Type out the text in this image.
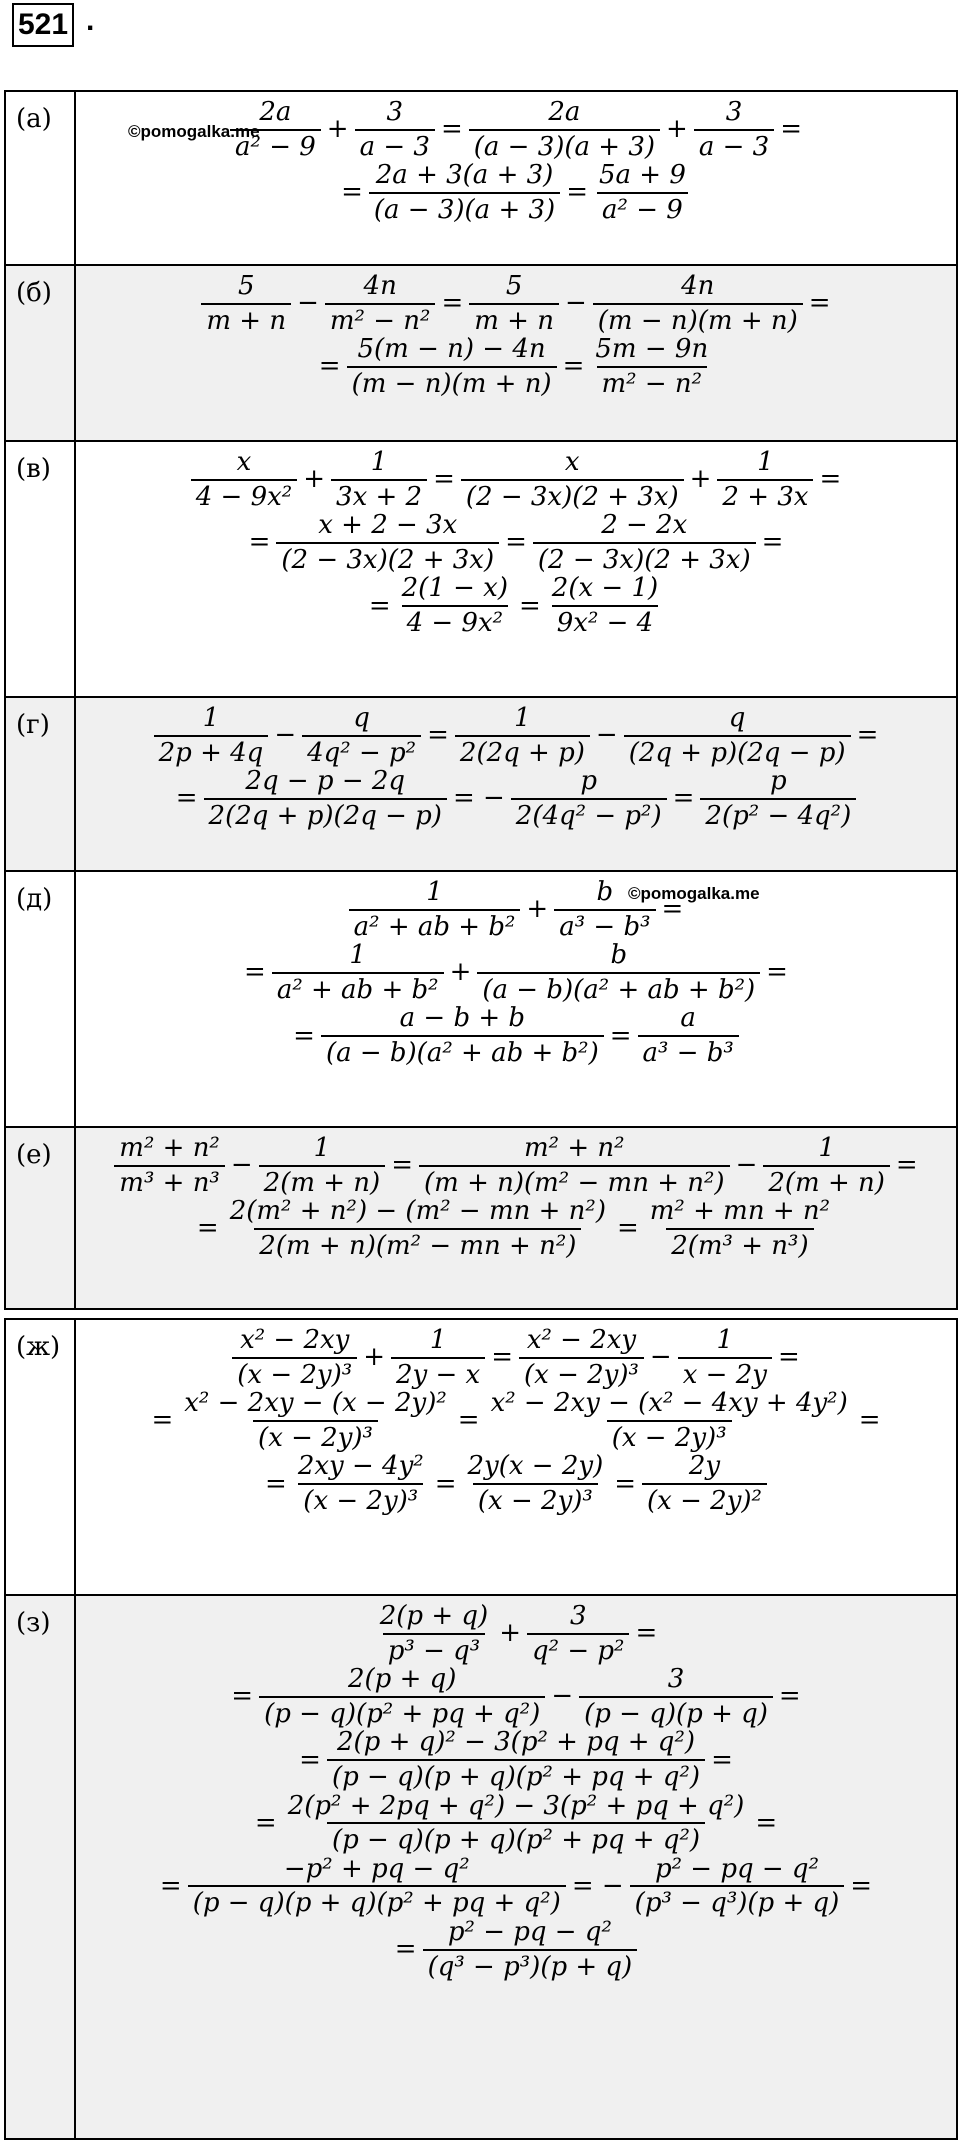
521 .
(а)	$\frac{2a}{\text{a² − 9}} + \frac{3}{a - 3} = \frac{2a}{(a - 3)(a + 3)} + \frac{3}{a - 3}$ =
= $\frac{2a + 3(a + 3)}{(a - 3)(a + 3)} = \frac{5a + 9}{\text{a² − 9}}$
©pomogalka.me
(б)	$\frac{5}{m + n} - \frac{4n}{\text{m² − n²}} = \frac{5}{m + n} - \frac{4n}{(m - n)(m + n)}$ =
= $\frac{5(m - n) - 4n}{(m - n)(m + n)} = \frac{5m - 9n}{\text{m² − n²}}$
(в)	$\frac{x}{\text{4 − 9x²}} + \frac{1}{3x + 2} = \frac{x}{(2 - 3x)(2 + 3x)} + \frac{1}{2 + 3x}$ =
= $\frac{x + 2 - 3x}{(2 - 3x)(2 + 3x)} = \frac{2 - 2x}{(2 - 3x)(2 + 3x)}$ =
= $\frac{2(1 - x)}{\text{4 − 9x²}} = \frac{2(x - 1)}{\text{9x² − 4}}$
(г)	$\frac{1}{2p + 4q} - \frac{q}{\text{4q² − p²}} = \frac{1}{2(2q + p)} - \frac{q}{(2q + p)(2q - p)}$ =
= $\frac{2q - p - 2q}{2(2q + p)(2q - p)}$ = − $\frac{p}{\text{2(4q² − p²)}} = \frac{p}{\text{2(p² − 4q²)}}$
(д)	$\frac{1}{\text{a² + ab + b²}} + \frac{b}{\text{a³ − b³}}$ =
= $\frac{1}{\text{a² + ab + b²}} + \frac{b}{\text{(a − b)(a² + ab + b²)}}$ =
= $\frac{a - b + b}{\text{(a − b)(a² + ab + b²)}} = \frac{a}{\text{a³ − b³}}$
©pomogalka.me
(е)	$\frac{\text{m² + n²}}{\text{m³ + n³}} - \frac{1}{2(m + n)} = \frac{\text{m² + n²}}{\text{(m + n)(m² − mn + n²)}} - \frac{1}{2(m + n)}$ =
= $\frac{\text{2(m² + n²) − (m² − mn + n²)}}{\text{2(m + n)(m² − mn + n²)}} = \frac{\text{m² + mn + n²}}{\text{2(m³ + n³)}}$
(ж)	$\frac{\text{x² − 2xy}}{\text{(x − 2y)³}} + \frac{1}{2y - x} = \frac{\text{x² − 2xy}}{\text{(x − 2y)³}} - \frac{1}{x - 2y}$ =
= $\frac{\text{x² − 2xy − (x − 2y)²}}{\text{(x − 2y)³}} = \frac{\text{x² − 2xy − (x² − 4xy + 4y²)}}{\text{(x − 2y)³}}$ =
= $\frac{\text{2xy − 4y²}}{\text{(x − 2y)³}} = \frac{2y(x - 2y)}{\text{(x − 2y)³}} = \frac{2y}{\text{(x − 2y)²}}$
(з)	$\frac{2(p + q)}{\text{p³ − q³}} + \frac{3}{\text{q² − p²}}$ =
= $\frac{2(p + q)}{\text{(p − q)(p² + pq + q²)}} - \frac{3}{(p - q)(p + q)}$ =
= $\frac{\text{2(p + q)² − 3(p² + pq + q²)}}{\text{(p − q)(p + q)(p² + pq + q²)}}$ =
= $\frac{\text{2(p² + 2pq + q²) − 3(p² + pq + q²)}}{\text{(p − q)(p + q)(p² + pq + q²)}}$ =
= $\frac{\text{−p² + pq − q²}}{\text{(p − q)(p + q)(p² + pq + q²)}}$ = − $\frac{\text{p² − pq − q²}}{\text{(p³ − q³)(p + q)}}$ =
= $\frac{\text{p² − pq − q²}}{\text{(q³ − p³)(p + q)}}$
